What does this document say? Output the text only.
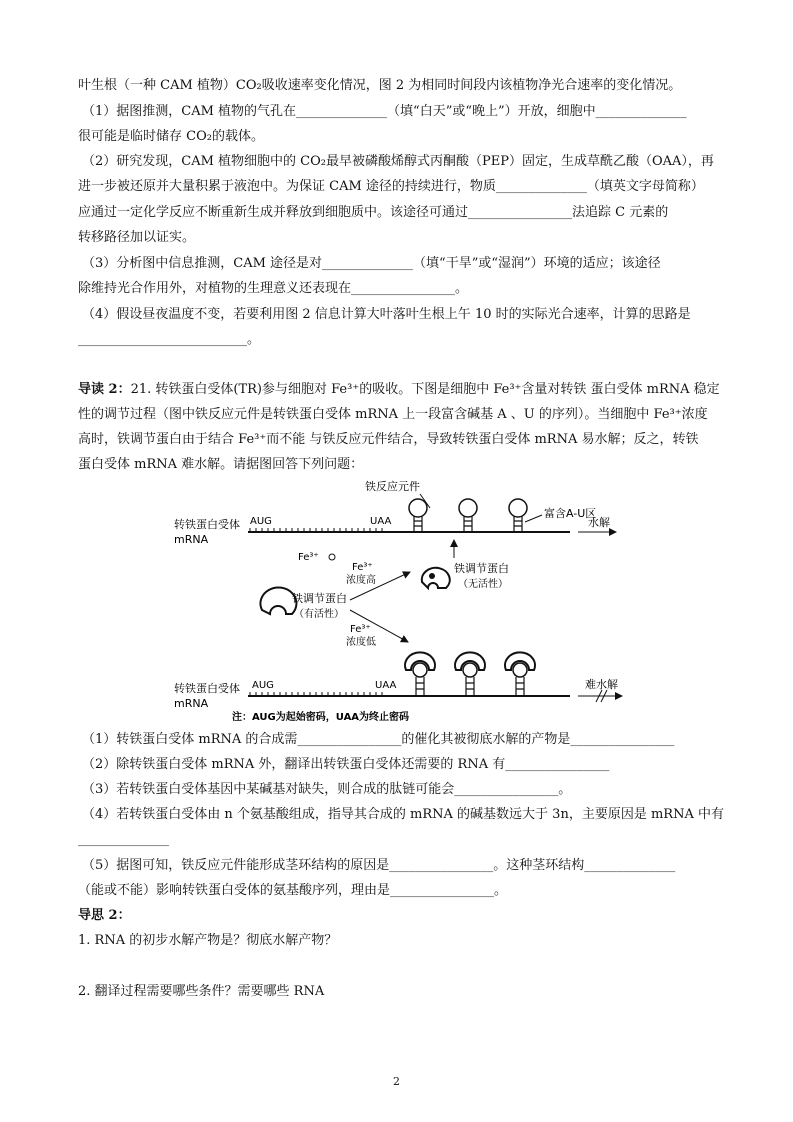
叶生根（一种 CAM 植物）CO₂吸收速率变化情况，图 2 为相同时间段内该植物净光合速率的变化情况。
（1）据图推测，CAM 植物的气孔在______________（填“白天”或“晚上”）开放，细胞中______________
很可能是临时储存 CO₂的载体。
（2）研究发现，CAM 植物细胞中的 CO₂最早被磷酸烯醇式丙酮酸（PEP）固定，生成草酰乙酸（OAA），再
进一步被还原并大量积累于液泡中。为保证 CAM 途径的持续进行，物质______________（填英文字母简称）
应通过一定化学反应不断重新生成并释放到细胞质中。该途径可通过________________法追踪 C 元素的
转移路径加以证实。
（3）分析图中信息推测，CAM 途径是对______________（填“干旱”或“湿润”）环境的适应；该途径
除维持光合作用外，对植物的生理意义还表现在________________。
（4）假设昼夜温度不变，若要利用图 2 信息计算大叶落叶生根上午 10 时的实际光合速率，计算的思路是
__________________________。
导读 2：21. 转铁蛋白受体(TR)参与细胞对 Fe³⁺的吸收。下图是细胞中 Fe³⁺含量对转铁 蛋白受体 mRNA 稳定
性的调节过程（图中铁反应元件是转铁蛋白受体 mRNA 上一段富含碱基 A 、U 的序列）。当细胞中 Fe³⁺浓度
高时，铁调节蛋白由于结合 Fe³⁺而不能 与铁反应元件结合，导致转铁蛋白受体 mRNA 易水解；反之，转铁
蛋白受体 mRNA 难水解。请据图回答下列问题：
铁反应元件
富含A-U区
转铁蛋白受体
mRNA
AUG	UAA	水解
Fe³⁺
Fe³⁺
浓度高
铁调节蛋白
（无活性）
铁调节蛋白
（有活性）
Fe³⁺
浓度低
转铁蛋白受体
mRNA
AUG	UAA	难水解
注：AUG为起始密码，UAA为终止密码
（1）转铁蛋白受体 mRNA 的合成需________________的催化其被彻底水解的产物是________________
（2）除转铁蛋白受体 mRNA 外，翻译出转铁蛋白受体还需要的 RNA 有________________
（3）若转铁蛋白受体基因中某碱基对缺失，则合成的肽链可能会________________。
（4）若转铁蛋白受体由 n 个氨基酸组成，指导其合成的 mRNA 的碱基数远大于 3n，主要原因是 mRNA 中有
______________
（5）据图可知，铁反应元件能形成茎环结构的原因是________________。这种茎环结构______________
（能或不能）影响转铁蛋白受体的氨基酸序列，理由是________________。
导思 2：
1. RNA 的初步水解产物是？彻底水解产物？
2. 翻译过程需要哪些条件？需要哪些 RNA
2
